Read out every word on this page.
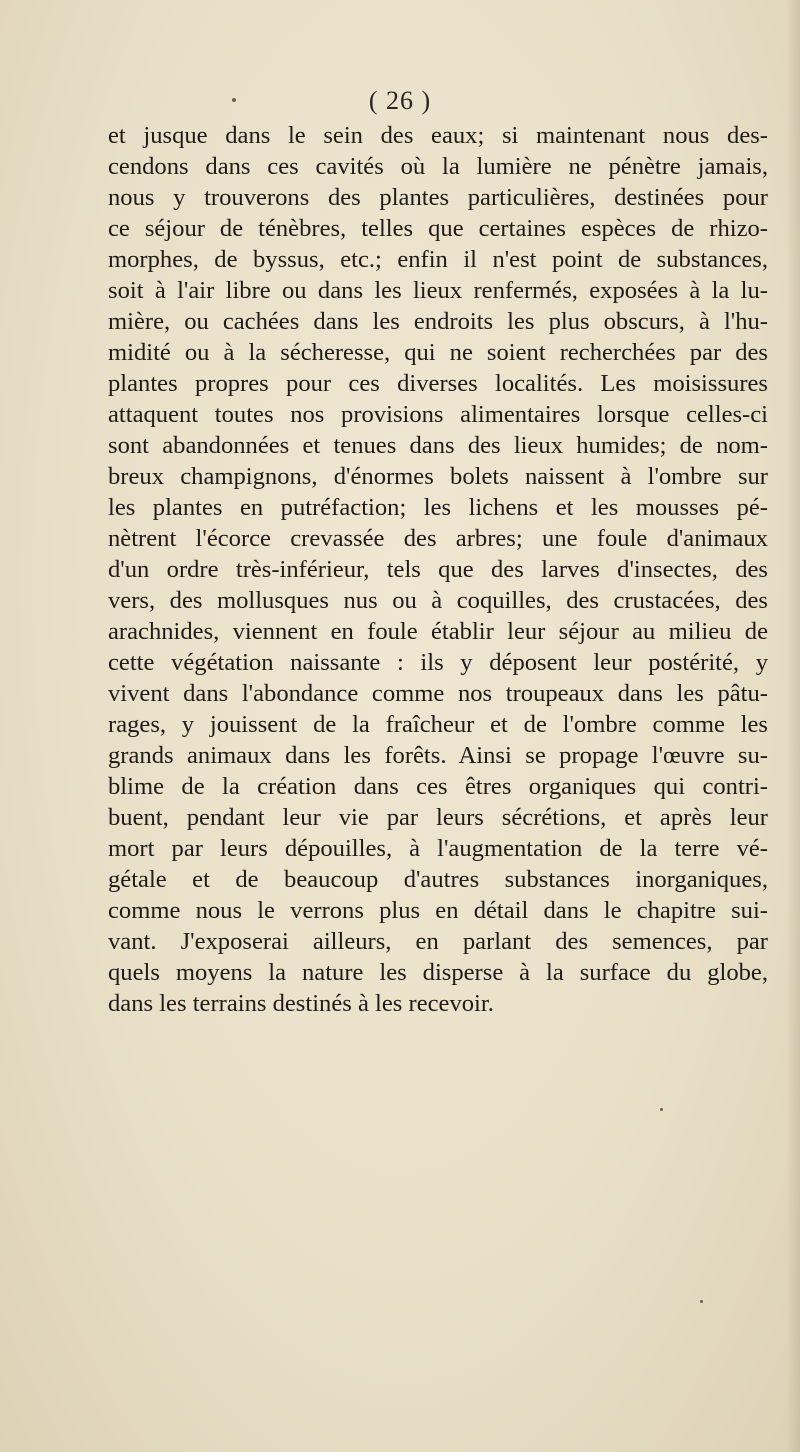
( 26 )
et jusque dans le sein des eaux; si maintenant nous des-
cendons dans ces cavités où la lumière ne pénètre jamais,
nous y trouverons des plantes particulières, destinées pour
ce séjour de ténèbres, telles que certaines espèces de rhizo-
morphes, de byssus, etc.; enfin il n'est point de substances,
soit à l'air libre ou dans les lieux renfermés, exposées à la lu-
mière, ou cachées dans les endroits les plus obscurs, à l'hu-
midité ou à la sécheresse, qui ne soient recherchées par des
plantes propres pour ces diverses localités. Les moisissures
attaquent toutes nos provisions alimentaires lorsque celles-ci
sont abandonnées et tenues dans des lieux humides; de nom-
breux champignons, d'énormes bolets naissent à l'ombre sur
les plantes en putréfaction; les lichens et les mousses pé-
nètrent l'écorce crevassée des arbres; une foule d'animaux
d'un ordre très-inférieur, tels que des larves d'insectes, des
vers, des mollusques nus ou à coquilles, des crustacées, des
arachnides, viennent en foule établir leur séjour au milieu de
cette végétation naissante : ils y déposent leur postérité, y
vivent dans l'abondance comme nos troupeaux dans les pâtu-
rages, y jouissent de la fraîcheur et de l'ombre comme les
grands animaux dans les forêts. Ainsi se propage l'œuvre su-
blime de la création dans ces êtres organiques qui contri-
buent, pendant leur vie par leurs sécrétions, et après leur
mort par leurs dépouilles, à l'augmentation de la terre vé-
gétale et de beaucoup d'autres substances inorganiques,
comme nous le verrons plus en détail dans le chapitre sui-
vant. J'exposerai ailleurs, en parlant des semences, par
quels moyens la nature les disperse à la surface du globe,
dans les terrains destinés à les recevoir.
